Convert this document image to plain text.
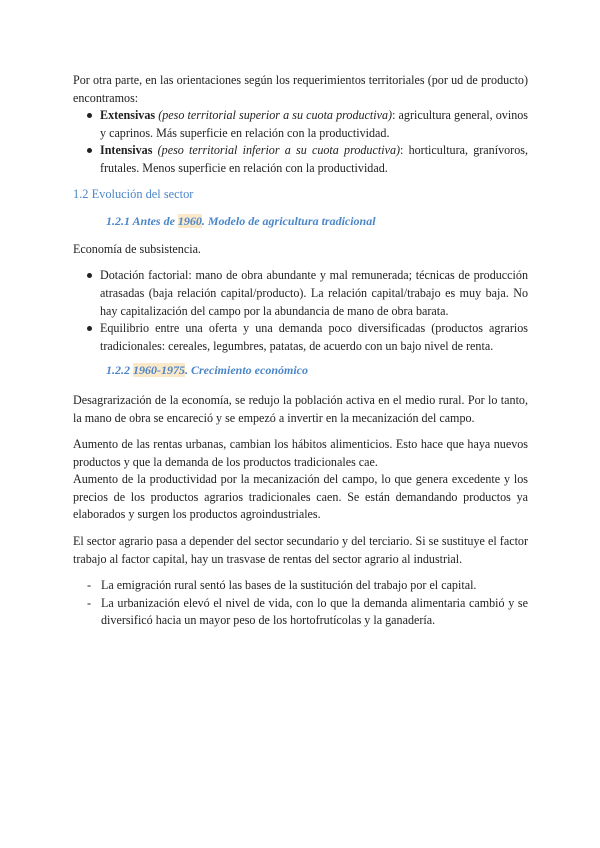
Por otra parte, en las orientaciones según los requerimientos territoriales (por ud de producto) encontramos:

Extensivas (peso territorial superior a su cuota productiva): agricultura general, ovinos y caprinos. Más superficie en relación con la productividad.
Intensivas (peso territorial inferior a su cuota productiva): horticultura, granívoros, frutales. Menos superficie en relación con la productividad.
1.2 Evolución del sector
1.2.1 Antes de 1960. Modelo de agricultura tradicional

Economía de subsistencia.

Dotación factorial: mano de obra abundante y mal remunerada; técnicas de producción atrasadas (baja relación capital/producto). La relación capital/trabajo es muy baja. No hay capitalización del campo por la abundancia de mano de obra barata.
Equilibrio entre una oferta y una demanda poco diversificadas (productos agrarios tradicionales: cereales, legumbres, patatas, de acuerdo con un bajo nivel de renta.
1.2.2 1960-1975. Crecimiento económico

Desagrarización de la economía, se redujo la población activa en el medio rural. Por lo tanto, la mano de obra se encareció y se empezó a invertir en la mecanización del campo.

Aumento de las rentas urbanas, cambian los hábitos alimenticios. Esto hace que haya nuevos productos y que la demanda de los productos tradicionales cae.

Aumento de la productividad por la mecanización del campo, lo que genera excedente y los precios de los productos agrarios tradicionales caen. Se están demandando productos ya elaborados y surgen los productos agroindustriales.

El sector agrario pasa a depender del sector secundario y del terciario. Si se sustituye el factor trabajo al factor capital, hay un trasvase de rentas del sector agrario al industrial.

- La emigración rural sentó las bases de la sustitución del trabajo por el capital.
- La urbanización elevó el nivel de vida, con lo que la demanda alimentaria cambió y se diversificó hacia un mayor peso de los hortofrutícolas y la ganadería.
